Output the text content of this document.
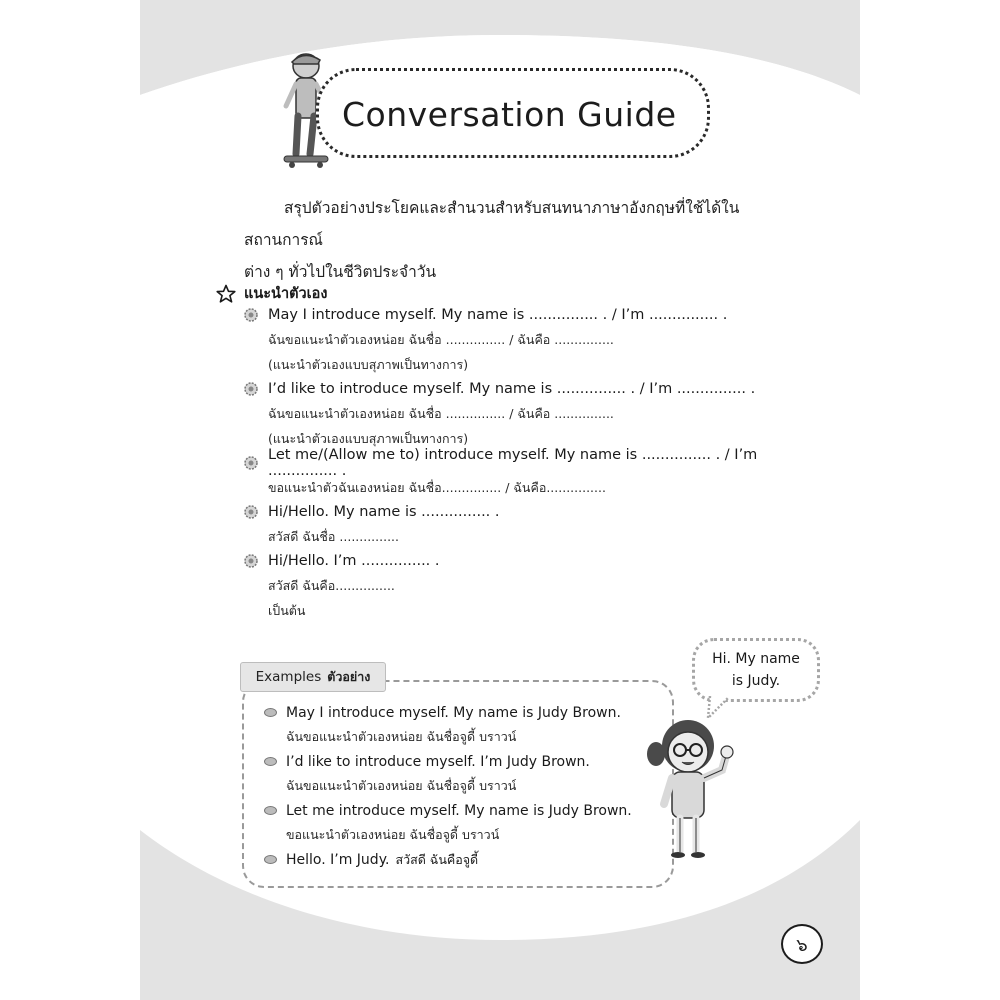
Conversation Guide
สรุปตัวอย่างประโยคและสำนวนสำหรับสนทนาภาษาอังกฤษที่ใช้ได้ในสถานการณ์
ต่าง ๆ ทั่วไปในชีวิตประจำวัน
แนะนำตัวเอง
May I introduce myself. My name is ............... . / I’m ............... .
ฉันขอแนะนำตัวเองหน่อย ฉันชื่อ ............... / ฉันคือ ...............
(แนะนำตัวเองแบบสุภาพเป็นทางการ)
I’d like to introduce myself. My name is ............... . / I’m ............... .
ฉันขอแนะนำตัวเองหน่อย ฉันชื่อ ............... / ฉันคือ ...............
(แนะนำตัวเองแบบสุภาพเป็นทางการ)
Let me/(Allow me to) introduce myself. My name is ............... . / I’m ............... .
ขอแนะนำตัวฉันเองหน่อย ฉันชื่อ............... / ฉันคือ...............
Hi/Hello. My name is ............... .
สวัสดี ฉันชื่อ ...............
Hi/Hello. I’m ............... .
สวัสดี ฉันคือ...............
เป็นต้น
Examples ตัวอย่าง
May I introduce myself. My name is Judy Brown.
ฉันขอแนะนำตัวเองหน่อย ฉันชื่อจูดี้ บราวน์
I’d like to introduce myself. I’m Judy Brown.
ฉันขอแนะนำตัวเองหน่อย ฉันชื่อจูดี้ บราวน์
Let me introduce myself. My name is Judy Brown.
ขอแนะนำตัวเองหน่อย ฉันชื่อจูดี้ บราวน์
Hello. I’m Judy. สวัสดี ฉันคือจูดี้
Hi. My name
is Judy.
๖
